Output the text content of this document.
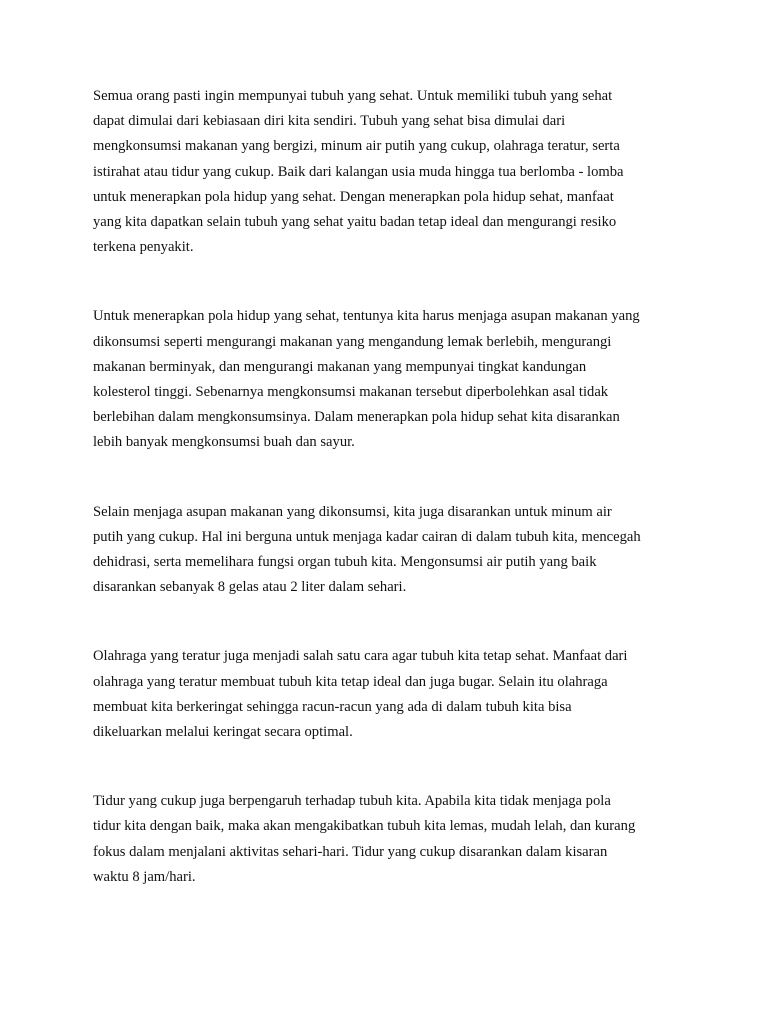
Semua orang pasti ingin mempunyai tubuh yang sehat. Untuk memiliki tubuh yang sehat
dapat dimulai dari kebiasaan diri kita sendiri. Tubuh yang sehat bisa dimulai dari
mengkonsumsi makanan yang bergizi, minum air putih yang cukup, olahraga teratur, serta
istirahat atau tidur yang cukup. Baik dari kalangan usia muda hingga tua berlomba - lomba
untuk menerapkan pola hidup yang sehat. Dengan menerapkan pola hidup sehat, manfaat
yang kita dapatkan selain tubuh yang sehat yaitu badan tetap ideal dan mengurangi resiko
terkena penyakit.

Untuk menerapkan pola hidup yang sehat, tentunya kita harus menjaga asupan makanan yang
dikonsumsi seperti mengurangi makanan yang mengandung lemak berlebih, mengurangi
makanan berminyak, dan mengurangi makanan yang mempunyai tingkat kandungan
kolesterol tinggi. Sebenarnya mengkonsumsi makanan tersebut diperbolehkan asal tidak
berlebihan dalam mengkonsumsinya. Dalam menerapkan pola hidup sehat kita disarankan
lebih banyak mengkonsumsi buah dan sayur.

Selain menjaga asupan makanan yang dikonsumsi, kita juga disarankan untuk minum air
putih yang cukup. Hal ini berguna untuk menjaga kadar cairan di dalam tubuh kita, mencegah
dehidrasi, serta memelihara fungsi organ tubuh kita. Mengonsumsi air putih yang baik
disarankan sebanyak 8 gelas atau 2 liter dalam sehari.

Olahraga yang teratur juga menjadi salah satu cara agar tubuh kita tetap sehat. Manfaat dari
olahraga yang teratur membuat tubuh kita tetap ideal dan juga bugar. Selain itu olahraga
membuat kita berkeringat sehingga racun-racun yang ada di dalam tubuh kita bisa
dikeluarkan melalui keringat secara optimal.

Tidur yang cukup juga berpengaruh terhadap tubuh kita. Apabila kita tidak menjaga pola
tidur kita dengan baik, maka akan mengakibatkan tubuh kita lemas, mudah lelah, dan kurang
fokus dalam menjalani aktivitas sehari-hari. Tidur yang cukup disarankan dalam kisaran
waktu 8 jam/hari.
